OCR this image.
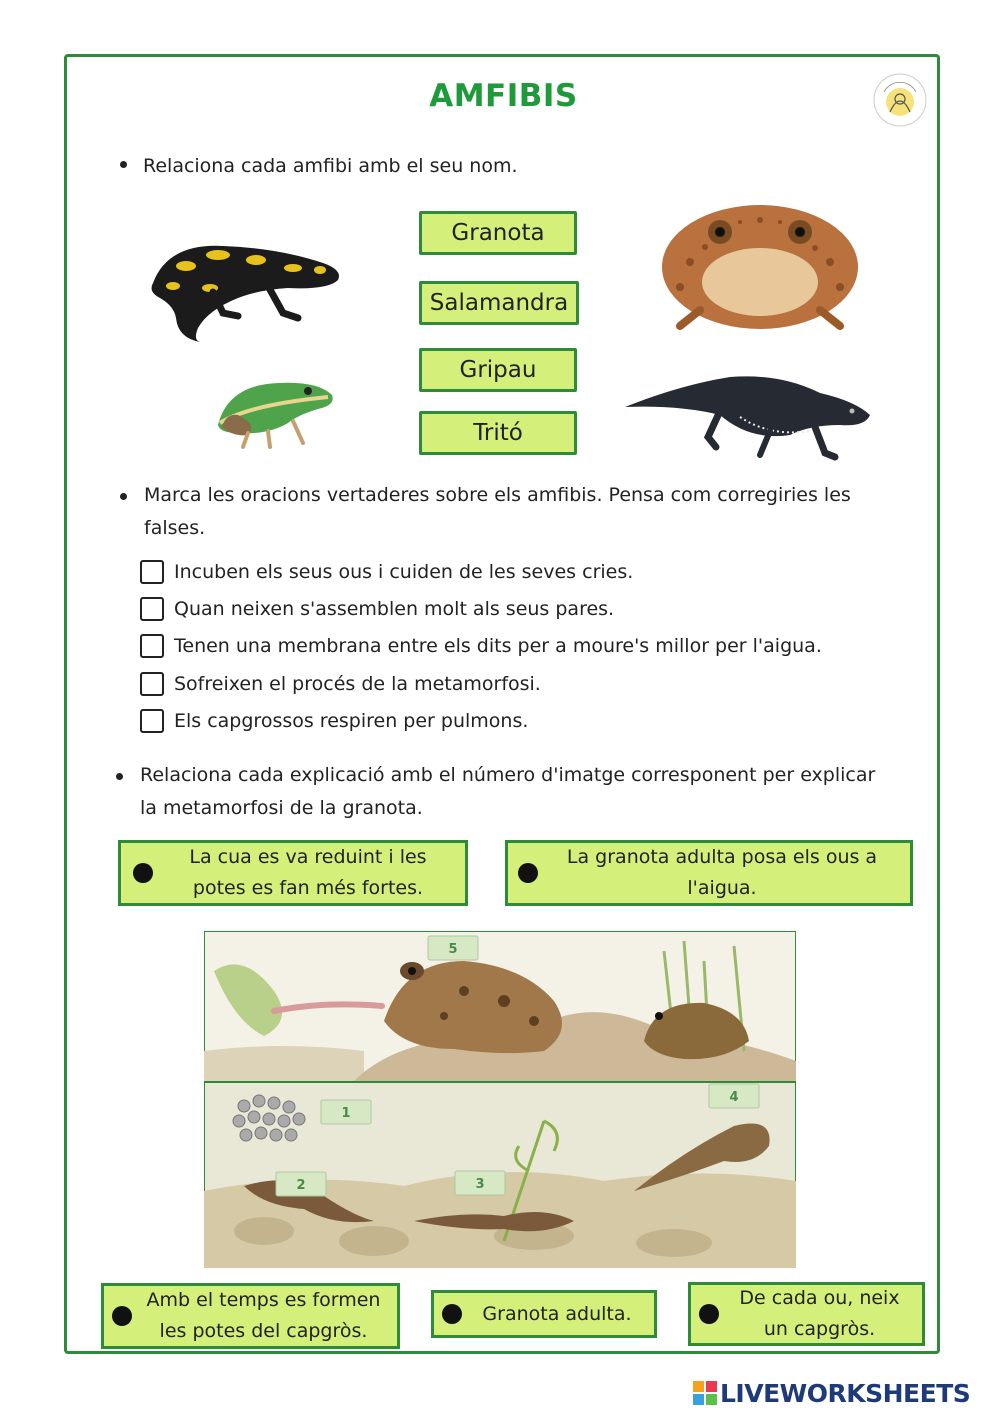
AMFIBIS
Relaciona cada amfibi amb el seu nom.
Granota
Salamandra
Gripau
Tritó
Marca les oracions vertaderes sobre els amfibis. Pensa com corregiries les
falses.
Incuben els seus ous i cuiden de les seves cries.
Quan neixen s'assemblen molt als seus pares.
Tenen una membrana entre els dits per a moure's millor per l'aigua.
Sofreixen el procés de la metamorfosi.
Els capgrossos respiren per pulmons.
Relaciona cada explicació amb el número d'imatge corresponent per explicar
la metamorfosi de la granota.
La cua es va reduint i les
potes es fan més fortes.
La granota adulta posa els ous a
l'aigua.
1
2	3
4
5
Amb el temps es formen
les potes del capgròs.
Granota adulta.
De cada ou, neix
un capgròs.
LIVEWORKSHEETS
